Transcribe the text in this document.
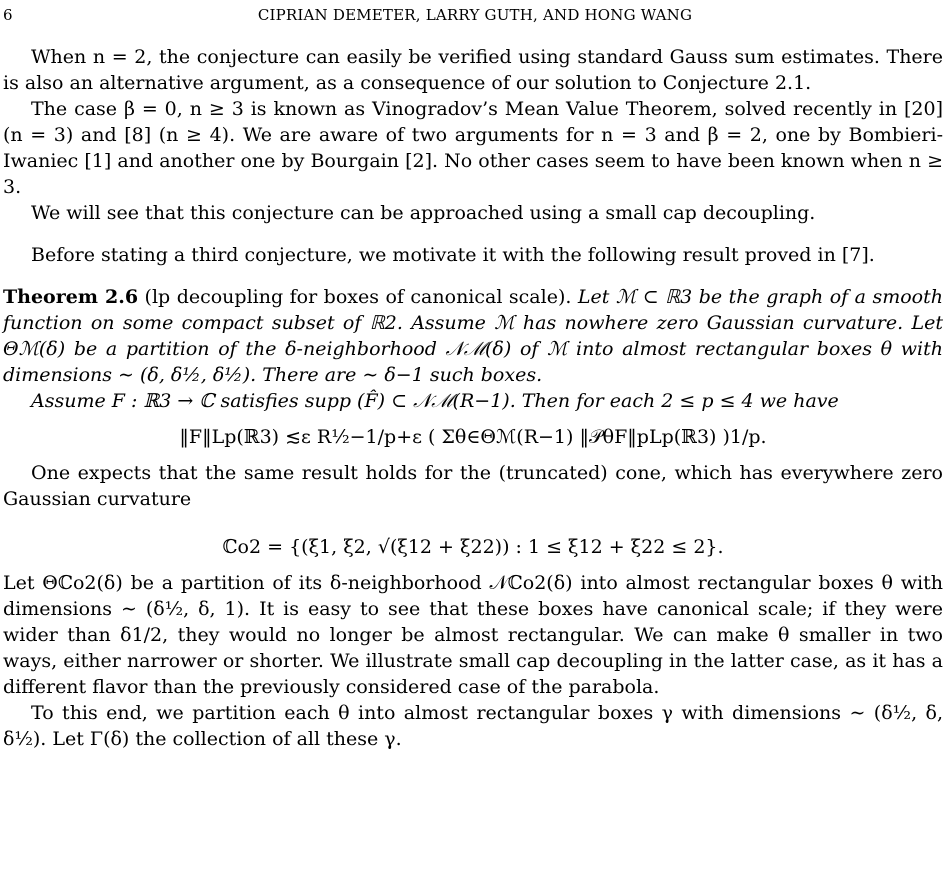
6	CIPRIAN DEMETER, LARRY GUTH, AND HONG WANG

When n = 2, the conjecture can easily be verified using standard Gauss sum estimates. There is also an alternative argument, as a consequence of our solution to Conjecture 2.1.

The case β = 0, n ≥ 3 is known as Vinogradov’s Mean Value Theorem, solved recently in [20] (n = 3) and [8] (n ≥ 4). We are aware of two arguments for n = 3 and β = 2, one by Bombieri-Iwaniec [1] and another one by Bourgain [2]. No other cases seem to have been known when n ≥ 3.

We will see that this conjecture can be approached using a small cap decoupling.

Before stating a third conjecture, we motivate it with the following result proved in [7].

Theorem 2.6 (lp decoupling for boxes of canonical scale). Let ℳ ⊂ ℝ3 be the graph of a smooth function on some compact subset of ℝ2. Assume ℳ has nowhere zero Gaussian curvature. Let Θℳ(δ) be a partition of the δ-neighborhood 𝒩ℳ(δ) of ℳ into almost rectangular boxes θ with dimensions ∼ (δ, δ½, δ½). There are ∼ δ−1 such boxes.

Assume F : ℝ3 → ℂ satisfies supp (F̂) ⊂ 𝒩ℳ(R−1). Then for each 2 ≤ p ≤ 4 we have

‖F‖Lp(ℝ3) ≲ε R½−1/p+ε ( Σθ∈Θℳ(R−1) ‖𝒫θF‖pLp(ℝ3) )1/p.

One expects that the same result holds for the (truncated) cone, which has everywhere zero Gaussian curvature

ℂo2 = {(ξ1, ξ2, √(ξ12 + ξ22)) : 1 ≤ ξ12 + ξ22 ≤ 2}.

Let Θℂo2(δ) be a partition of its δ-neighborhood 𝒩ℂo2(δ) into almost rectangular boxes θ with dimensions ∼ (δ½, δ, 1). It is easy to see that these boxes have canonical scale; if they were wider than δ1/2, they would no longer be almost rectangular. We can make θ smaller in two ways, either narrower or shorter. We illustrate small cap decoupling in the latter case, as it has a different flavor than the previously considered case of the parabola.

To this end, we partition each θ into almost rectangular boxes γ with dimensions ∼ (δ½, δ, δ½). Let Γ(δ) the collection of all these γ.
